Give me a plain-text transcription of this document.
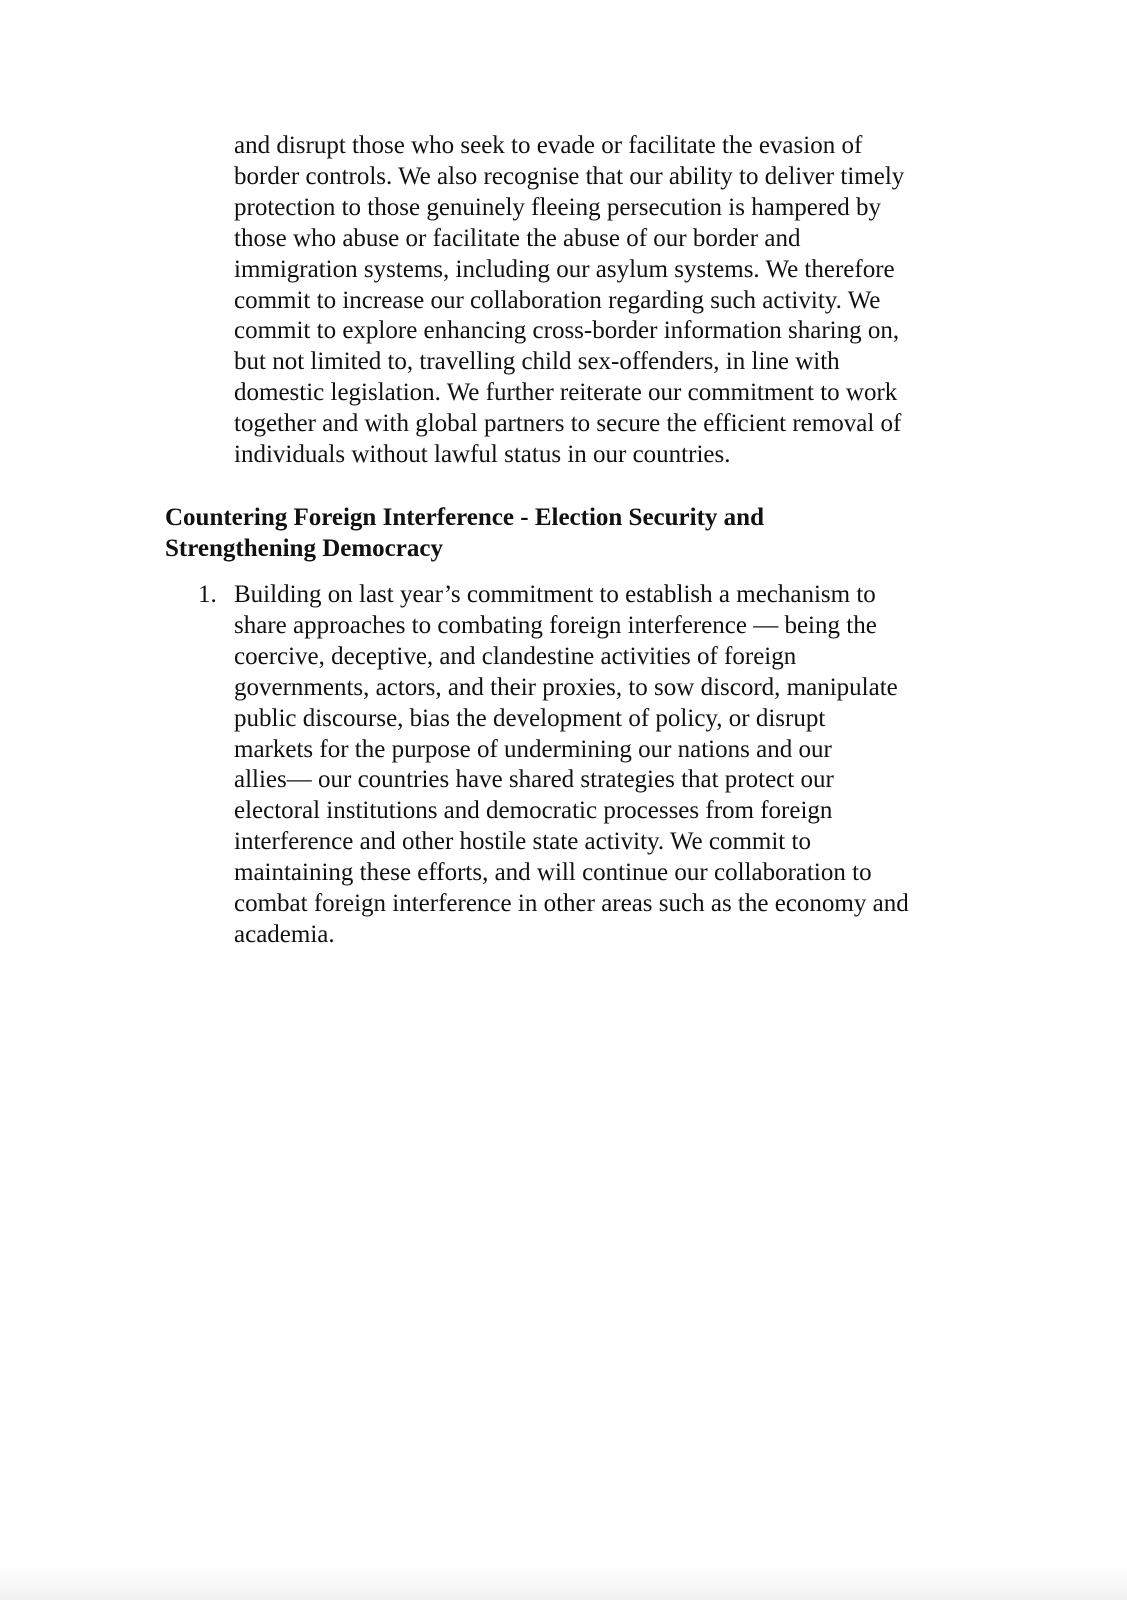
and disrupt those who seek to evade or facilitate the evasion of
border controls. We also recognise that our ability to deliver timely
protection to those genuinely fleeing persecution is hampered by
those who abuse or facilitate the abuse of our border and
immigration systems, including our asylum systems. We therefore
commit to increase our collaboration regarding such activity. We
commit to explore enhancing cross-border information sharing on,
but not limited to, travelling child sex-offenders, in line with
domestic legislation. We further reiterate our commitment to work
together and with global partners to secure the efficient removal of
individuals without lawful status in our countries.

Countering Foreign Interference - Election Security and
Strengthening Democracy
1. Building on last year’s commitment to establish a mechanism to
share approaches to combating foreign interference — being the
coercive, deceptive, and clandestine activities of foreign
governments, actors, and their proxies, to sow discord, manipulate
public discourse, bias the development of policy, or disrupt
markets for the purpose of undermining our nations and our
allies— our countries have shared strategies that protect our
electoral institutions and democratic processes from foreign
interference and other hostile state activity. We commit to
maintaining these efforts, and will continue our collaboration to
combat foreign interference in other areas such as the economy and
academia.
